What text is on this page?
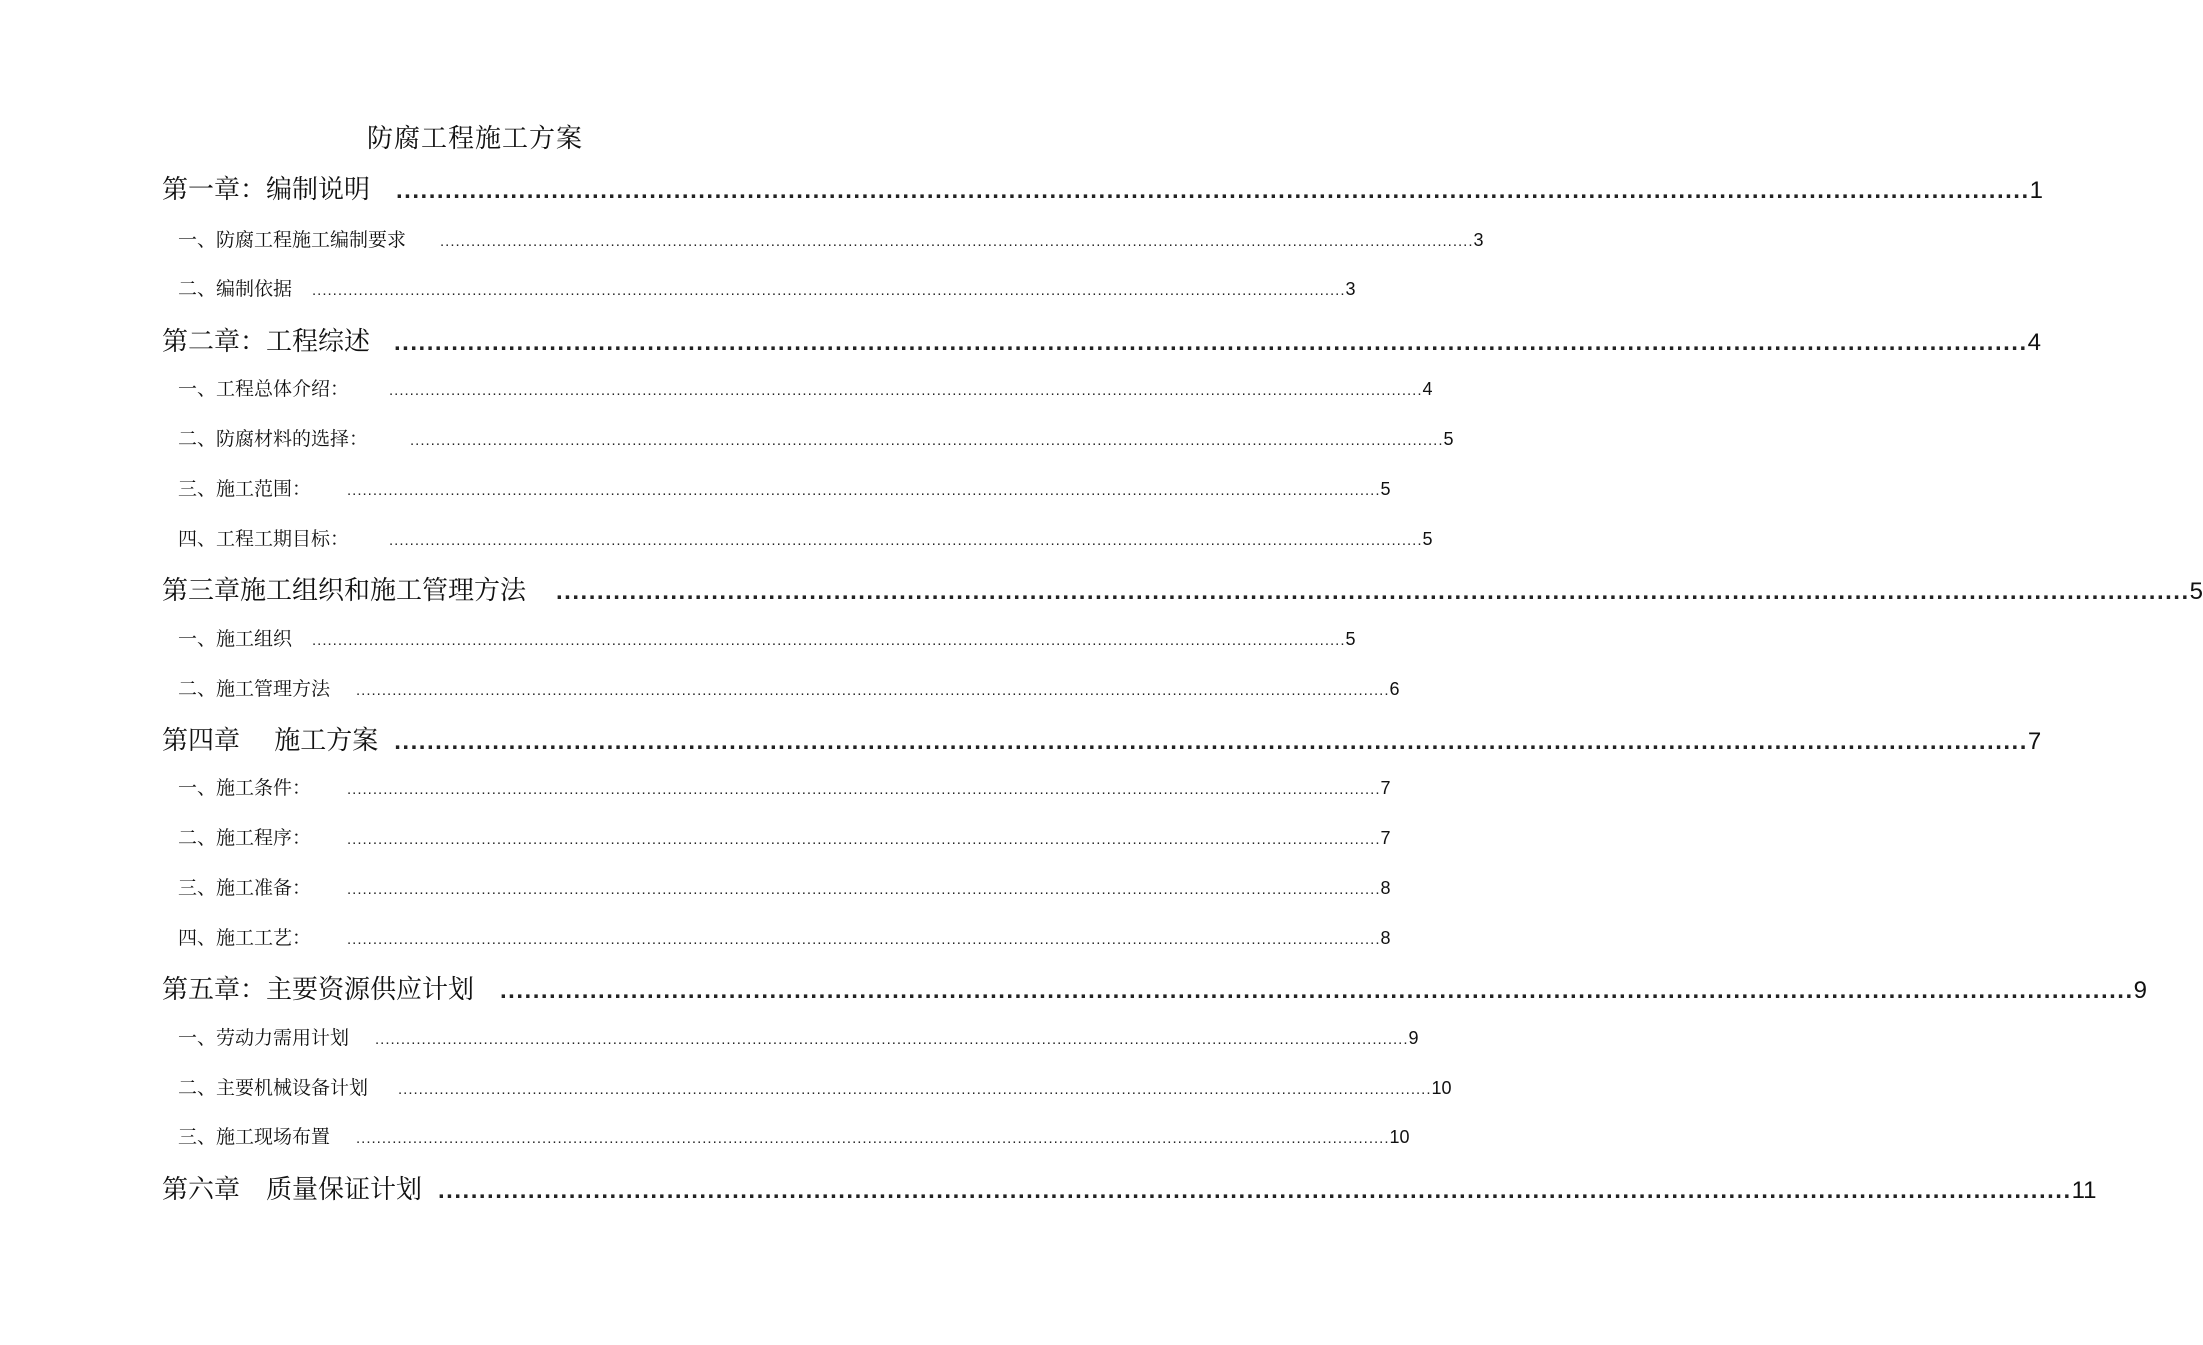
防腐工程施工方案
第一章：编制说明	........................................................................................................................................................................................................ 1
一、防腐工程施工编制要求	........................................................................................................................................................................................................ 3
二、编制依据	........................................................................................................................................................................................................ 3
第二章：工程综述	........................................................................................................................................................................................................ 4
一、工程总体介绍：	........................................................................................................................................................................................................ 4
二、防腐材料的选择：	........................................................................................................................................................................................................ 5
三、施工范围：	........................................................................................................................................................................................................ 5
四、工程工期目标：	........................................................................................................................................................................................................ 5
第三章施工组织和施工管理方法	........................................................................................................................................................................................................ 5
一、施工组织	........................................................................................................................................................................................................ 5
二、施工管理方法	........................................................................................................................................................................................................ 6
第四章　 施工方案 ........................................................................................................................................................................................................ 7
一、施工条件：	........................................................................................................................................................................................................ 7
二、施工程序：	........................................................................................................................................................................................................ 7
三、施工准备：	........................................................................................................................................................................................................ 8
四、施工工艺：	........................................................................................................................................................................................................ 8
第五章：主要资源供应计划	........................................................................................................................................................................................................ 9
一、劳动力需用计划	........................................................................................................................................................................................................ 9
二、主要机械设备计划	........................................................................................................................................................................................................ 10
三、施工现场布置	........................................................................................................................................................................................................ 10
第六章　质量保证计划 ........................................................................................................................................................................................................ 11
